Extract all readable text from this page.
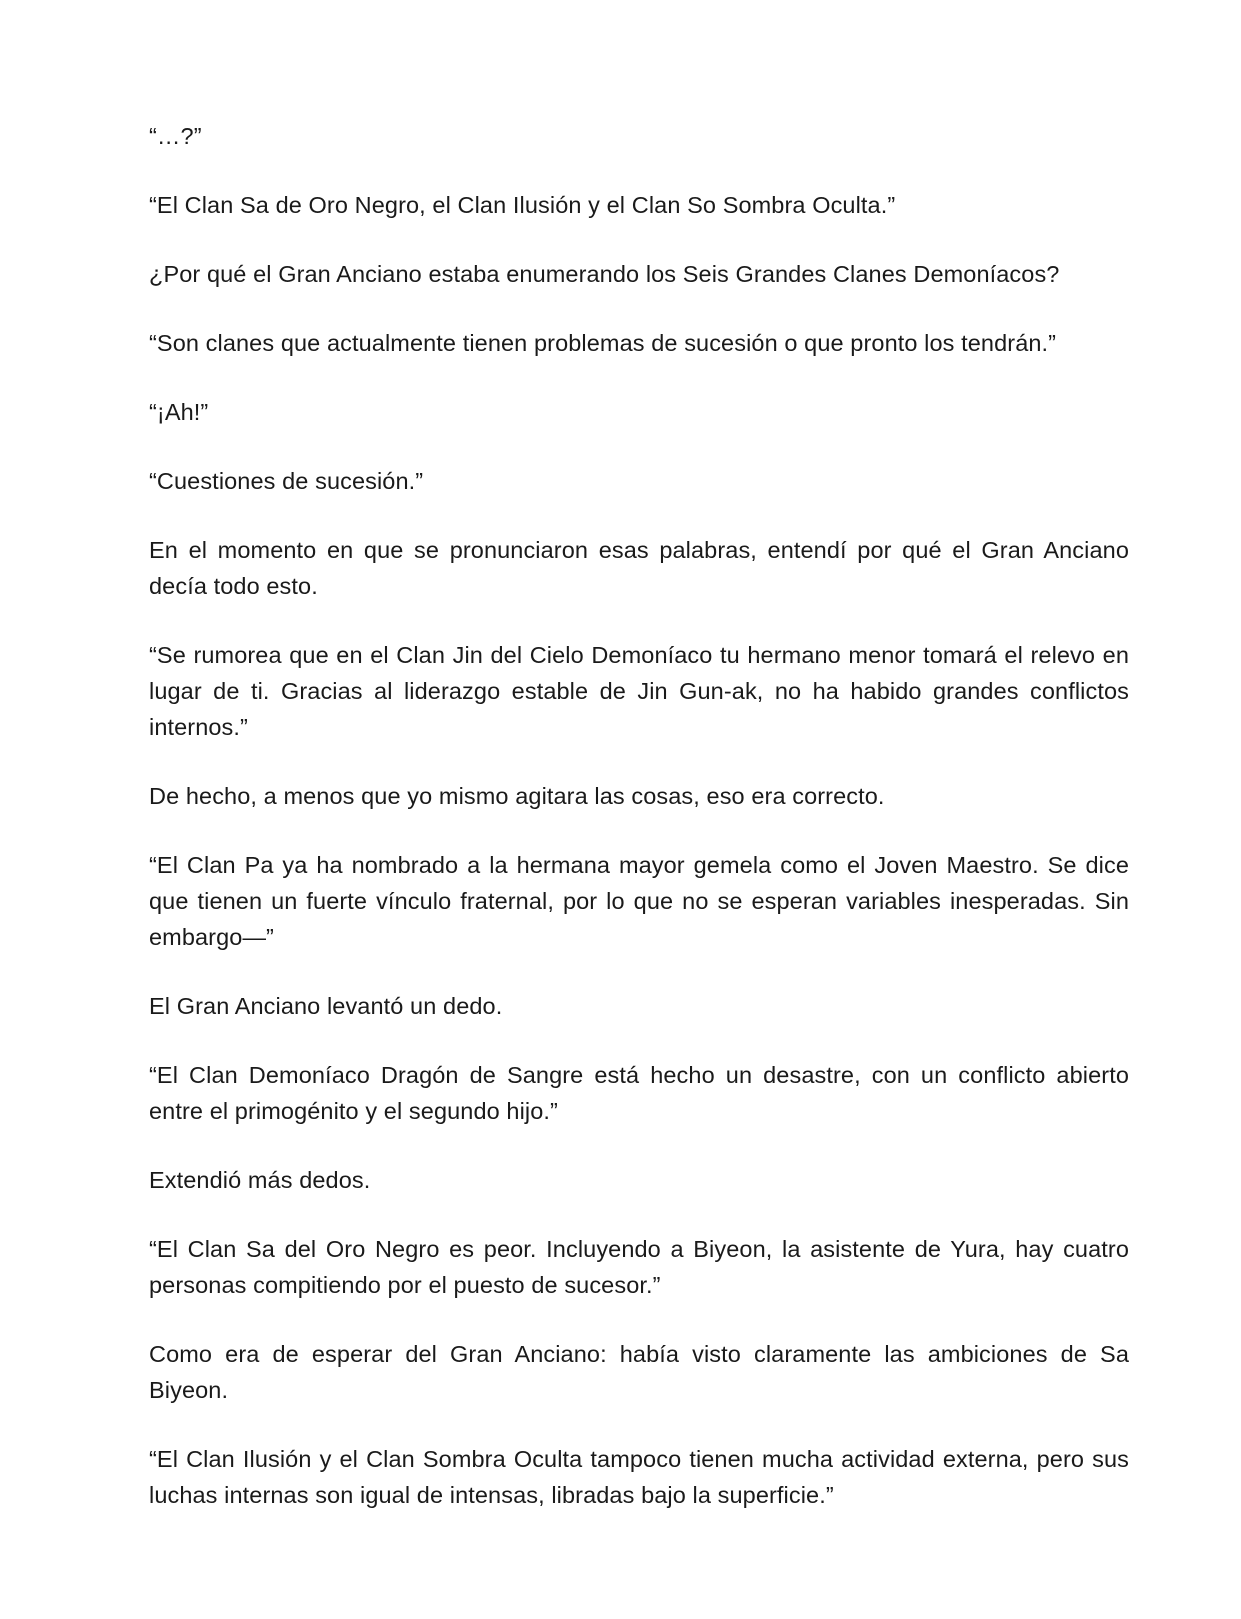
“…?”

“El Clan Sa de Oro Negro, el Clan Ilusión y el Clan So Sombra Oculta.”

¿Por qué el Gran Anciano estaba enumerando los Seis Grandes Clanes Demoníacos?

“Son clanes que actualmente tienen problemas de sucesión o que pronto los tendrán.”

“¡Ah!”

“Cuestiones de sucesión.”

En el momento en que se pronunciaron esas palabras, entendí por qué el Gran Anciano decía todo esto.

“Se rumorea que en el Clan Jin del Cielo Demoníaco tu hermano menor tomará el relevo en lugar de ti. Gracias al liderazgo estable de Jin Gun-ak, no ha habido grandes conflictos internos.”

De hecho, a menos que yo mismo agitara las cosas, eso era correcto.

“El Clan Pa ya ha nombrado a la hermana mayor gemela como el Joven Maestro. Se dice que tienen un fuerte vínculo fraternal, por lo que no se esperan variables inesperadas. Sin embargo—”

El Gran Anciano levantó un dedo.

“El Clan Demoníaco Dragón de Sangre está hecho un desastre, con un conflicto abierto entre el primogénito y el segundo hijo.”

Extendió más dedos.

“El Clan Sa del Oro Negro es peor. Incluyendo a Biyeon, la asistente de Yura, hay cuatro personas compitiendo por el puesto de sucesor.”

Como era de esperar del Gran Anciano: había visto claramente las ambiciones de Sa Biyeon.

“El Clan Ilusión y el Clan Sombra Oculta tampoco tienen mucha actividad externa, pero sus luchas internas son igual de intensas, libradas bajo la superficie.”
